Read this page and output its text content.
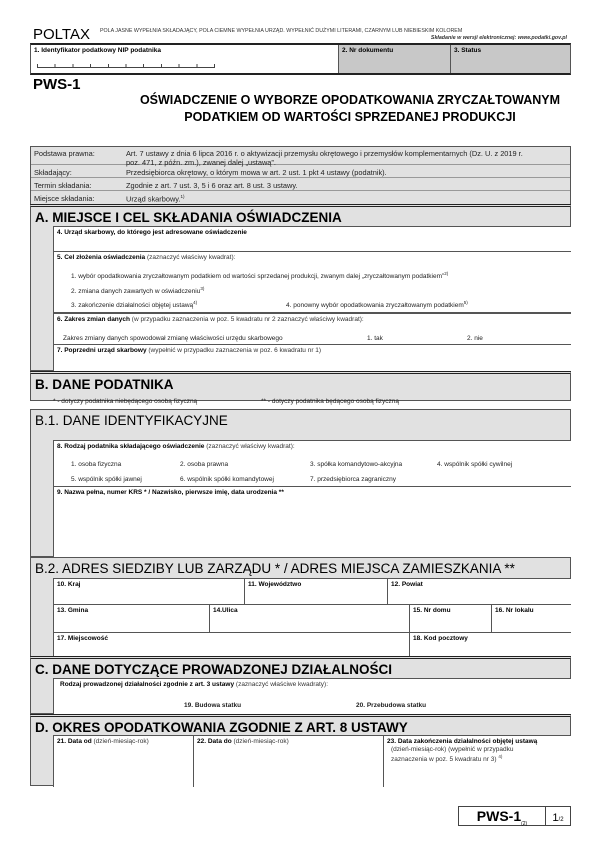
POLTAX POLA JASNE WYPEŁNIA SKŁADAJĄCY, POLA CIEMNE WYPEŁNIA URZĄD. WYPEŁNIĆ DUŻYMI LITERAMI, CZARNYM LUB NIEBIESKIM KOLOREM
Składanie w wersji elektronicznej: www.podatki.gov.pl
1. Identyfikator podatkowy NIP podatnika	2. Nr dokumentu	3. Status
PWS-1
OŚWIADCZENIE O WYBORZE OPODATKOWANIA ZRYCZAŁTOWANYM
PODATKIEM OD WARTOŚCI SPRZEDANEJ PRODUKCJI
Podstawa prawna:	Art. 7 ustawy z dnia 6 lipca 2016 r. o aktywizacji przemysłu okrętowego i przemysłów komplementarnych (Dz. U. z 2019 r.
poz. 471, z późn. zm.), zwanej dalej „ustawą”.
Składający:	Przedsiębiorca okrętowy, o którym mowa w art. 2 ust. 1 pkt 4 ustawy (podatnik).
Termin składania:	Zgodnie z art. 7 ust. 3, 5 i 6 oraz art. 8 ust. 3 ustawy.
Miejsce składania:	Urząd skarbowy.$^{1)}$
A. MIEJSCE I CEL SKŁADANIA OŚWIADCZENIA
4. Urząd skarbowy, do którego jest adresowane oświadczenie
5. Cel złożenia oświadczenia (zaznaczyć właściwy kwadrat):
1. wybór opodatkowania zryczałtowanym podatkiem od wartości sprzedanej produkcji, zwanym dalej „zryczałtowanym podatkiem”$^{2)}$
2. zmiana danych zawartych w oświadczeniu$^{3)}$
3. zakończenie działalności objętej ustawą$^{4)}$	4. ponowny wybór opodatkowania zryczałtowanym podatkiem$^{5)}$
6. Zakres zmian danych (w przypadku zaznaczenia w poz. 5 kwadratu nr 2 zaznaczyć właściwy kwadrat):
Zakres zmiany danych spowodował zmianę właściwości urzędu skarbowego	1. tak	2. nie
7. Poprzedni urząd skarbowy (wypełnić w przypadku zaznaczenia w poz. 6 kwadratu nr 1)
B. DANE PODATNIKA
* - dotyczy podatnika niebędącego osobą fizyczną	** - dotyczy podatnika będącego osobą fizyczną
B.1. DANE IDENTYFIKACYJNE
8. Rodzaj podatnika składającego oświadczenie (zaznaczyć właściwy kwadrat):
1. osoba fizyczna	2. osoba prawna	3. spółka komandytowo-akcyjna	4. wspólnik spółki cywilnej
5. wspólnik spółki jawnej	6. wspólnik spółki komandytowej	7. przedsiębiorca zagraniczny
9. Nazwa pełna, numer KRS * / Nazwisko, pierwsze imię, data urodzenia **
B.2. ADRES SIEDZIBY LUB ZARZĄDU * / ADRES MIEJSCA ZAMIESZKANIA **
10. Kraj	11. Województwo	12. Powiat
13. Gmina	14.Ulica	15. Nr domu	16. Nr lokalu
17. Miejscowość	18. Kod pocztowy
C. DANE DOTYCZĄCE PROWADZONEJ DZIAŁALNOŚCI
Rodzaj prowadzonej działalności zgodnie z art. 3 ustawy (zaznaczyć właściwe kwadraty):
19. Budowa statku	20. Przebudowa statku
D. OKRES OPODATKOWANIA ZGODNIE Z ART. 8 USTAWY
21. Data od (dzień-miesiąc-rok)	22. Data do (dzień-miesiąc-rok)	23. Data zakończenia działalności objętej ustawą
(dzień-miesiąc-rok) (wypełnić w przypadku
zaznaczenia w poz. 5 kwadratu nr 3) $^{4)}$
PWS-$1_{(2)}$
1/2
